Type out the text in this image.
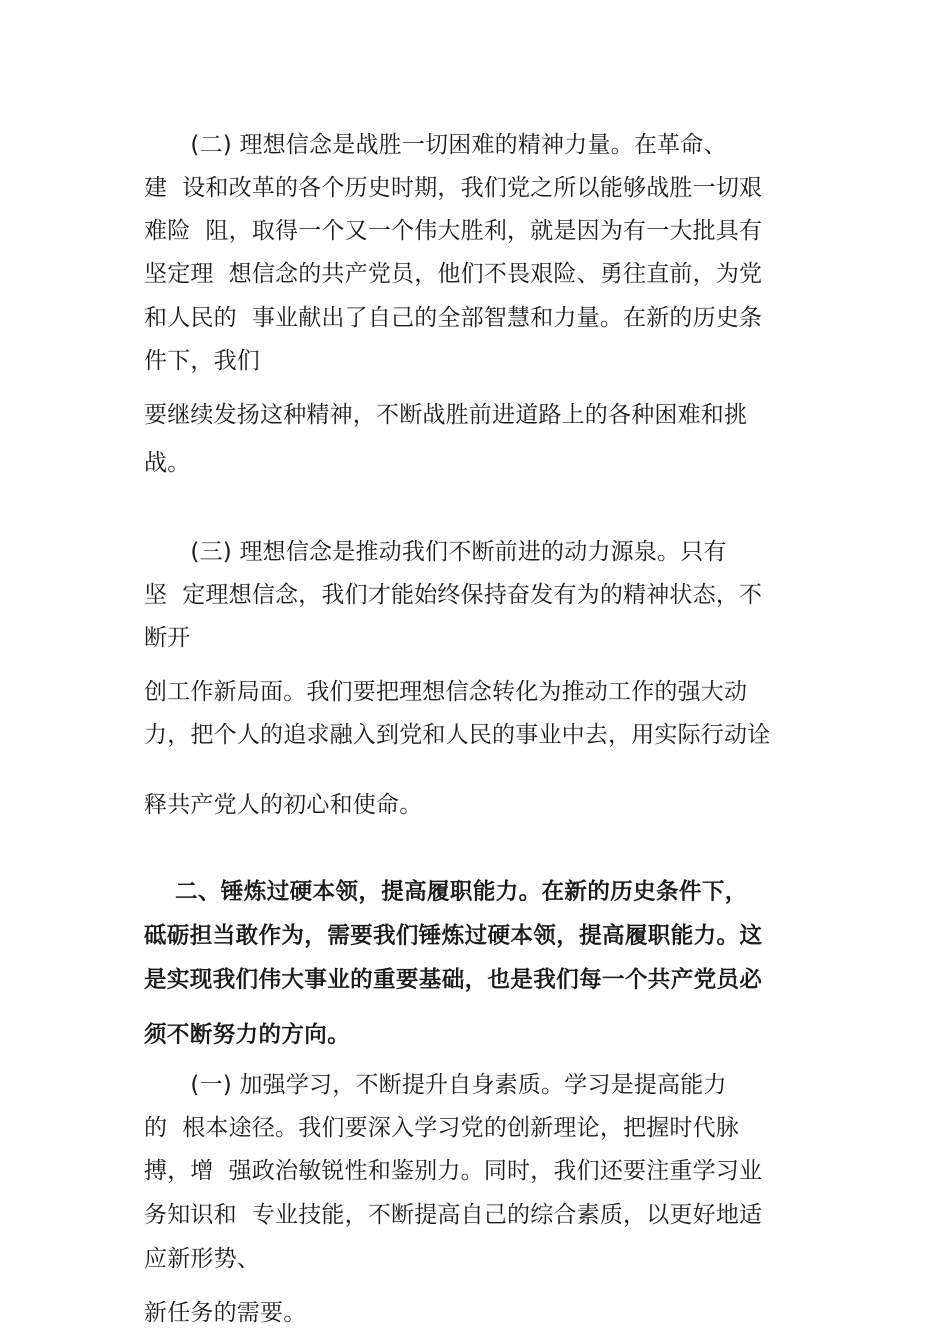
　　(二) 理想信念是战胜一切困难的精神力量。在革命、
建  设和改革的各个历史时期，我们党之所以能够战胜一切艰
难险  阻，取得一个又一个伟大胜利，就是因为有一大批具有
坚定理  想信念的共产党员，他们不畏艰险、勇往直前，为党
和人民的  事业献出了自己的全部智慧和力量。在新的历史条
件下，我们
要继续发扬这种精神，不断战胜前进道路上的各种困难和挑
战。
　　(三) 理想信念是推动我们不断前进的动力源泉。只有
坚  定理想信念，我们才能始终保持奋发有为的精神状态，不
断开
创工作新局面。我们要把理想信念转化为推动工作的强大动
力，把个人的追求融入到党和人民的事业中去，用实际行动诠
释共产党人的初心和使命。
　 二、锤炼过硬本领，提高履职能力。在新的历史条件下，
砥砺担当敢作为，需要我们锤炼过硬本领，提高履职能力。这
是实现我们伟大事业的重要基础，也是我们每一个共产党员必
须不断努力的方向。
　　(一) 加强学习，不断提升自身素质。学习是提高能力
的  根本途径。我们要深入学习党的创新理论，把握时代脉
搏，增  强政治敏锐性和鉴别力。同时，我们还要注重学习业
务知识和  专业技能，不断提高自己的综合素质，以更好地适
应新形势、
新任务的需要。
